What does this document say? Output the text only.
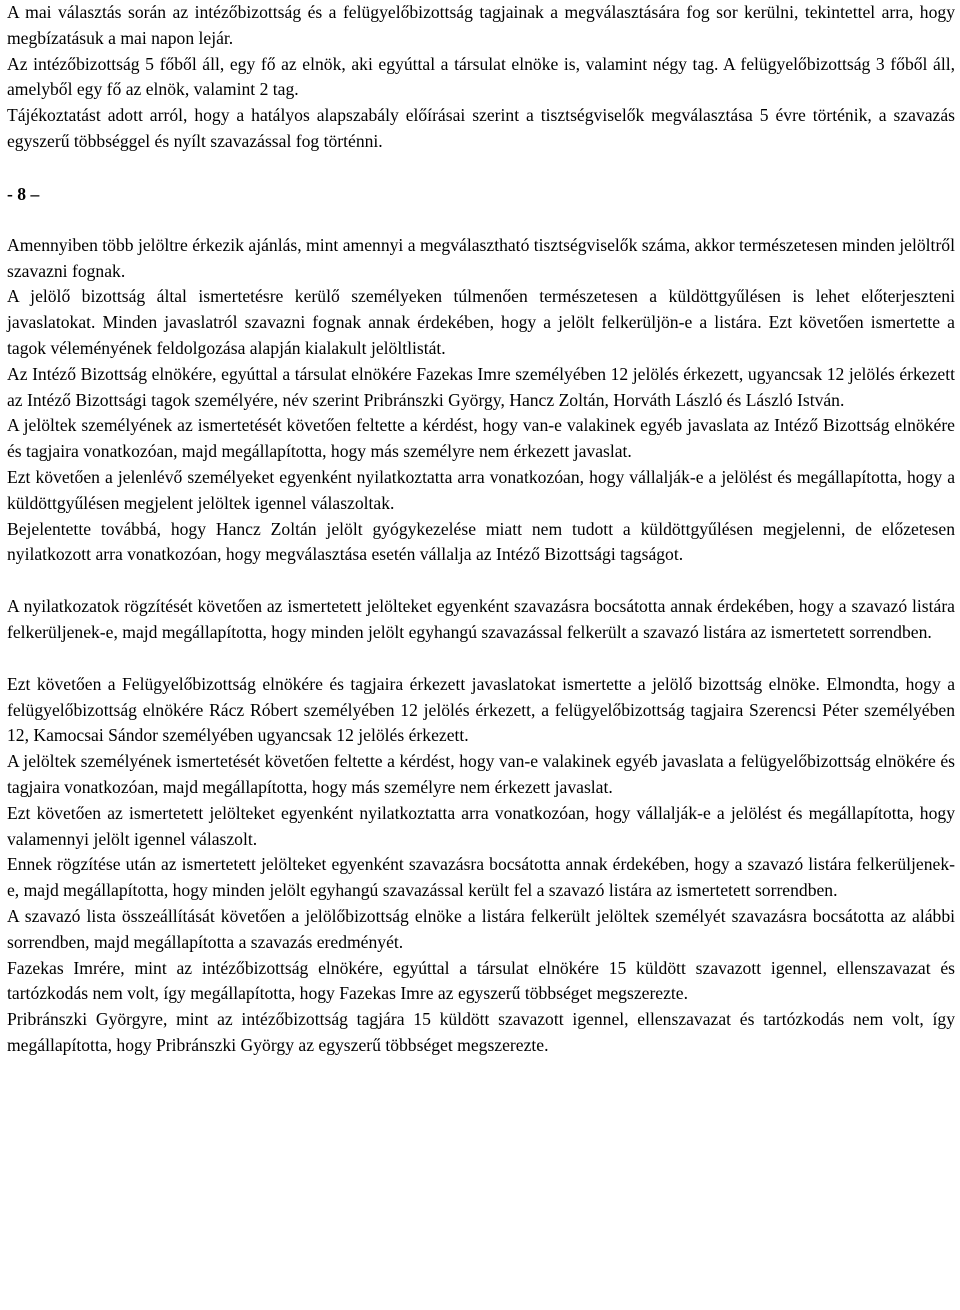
A mai választás során az intézőbizottság és a felügyelőbizottság tagjainak a megválasztására fog sor kerülni, tekintettel arra, hogy megbízatásuk a mai napon lejár.

Az intézőbizottság 5 főből áll, egy fő az elnök, aki egyúttal a társulat elnöke is, valamint négy tag. A felügyelőbizottság 3 főből áll, amelyből egy fő az elnök, valamint 2 tag.

Tájékoztatást adott arról, hogy a hatályos alapszabály előírásai szerint a tisztségviselők megválasztása 5 évre történik, a szavazás egyszerű többséggel és nyílt szavazással fog történni.

- 8 –

Amennyiben több jelöltre érkezik ajánlás, mint amennyi a megválasztható tisztségviselők száma, akkor természetesen minden jelöltről szavazni fognak.

A jelölő bizottság által ismertetésre kerülő személyeken túlmenően természetesen a küldöttgyűlésen is lehet előterjeszteni javaslatokat. Minden javaslatról szavazni fognak annak érdekében, hogy a jelölt felkerüljön-e a listára. Ezt követően ismertette a tagok véleményének feldolgozása alapján kialakult jelöltlistát.

Az Intéző Bizottság elnökére, egyúttal a társulat elnökére Fazekas Imre személyében 12 jelölés érkezett, ugyancsak 12 jelölés érkezett az Intéző Bizottsági tagok személyére, név szerint Pribránszki György, Hancz Zoltán, Horváth László és László István.

A jelöltek személyének az ismertetését követően feltette a kérdést, hogy van-e valakinek egyéb javaslata az Intéző Bizottság elnökére és tagjaira vonatkozóan, majd megállapította, hogy más személyre nem érkezett javaslat.

Ezt követően a jelenlévő személyeket egyenként nyilatkoztatta arra vonatkozóan, hogy vállalják-e a jelölést és megállapította, hogy a küldöttgyűlésen megjelent jelöltek igennel válaszoltak.

Bejelentette továbbá, hogy Hancz Zoltán jelölt gyógykezelése miatt nem tudott a küldöttgyűlésen megjelenni, de előzetesen nyilatkozott arra vonatkozóan, hogy megválasztása esetén vállalja az Intéző Bizottsági tagságot.

A nyilatkozatok rögzítését követően az ismertetett jelölteket egyenként szavazásra bocsátotta annak érdekében, hogy a szavazó listára felkerüljenek-e, majd megállapította, hogy minden jelölt egyhangú szavazással felkerült a szavazó listára az ismertetett sorrendben.

Ezt követően a Felügyelőbizottság elnökére és tagjaira érkezett javaslatokat ismertette a jelölő bizottság elnöke. Elmondta, hogy a felügyelőbizottság elnökére Rácz Róbert személyében 12 jelölés érkezett, a felügyelőbizottság tagjaira Szerencsi Péter személyében 12, Kamocsai Sándor személyében ugyancsak 12 jelölés érkezett.

A jelöltek személyének ismertetését követően feltette a kérdést, hogy van-e valakinek egyéb javaslata a felügyelőbizottság elnökére és tagjaira vonatkozóan, majd megállapította, hogy más személyre nem érkezett javaslat.

Ezt követően az ismertetett jelölteket egyenként nyilatkoztatta arra vonatkozóan, hogy vállalják-e a jelölést és megállapította, hogy valamennyi jelölt igennel válaszolt.

Ennek rögzítése után az ismertetett jelölteket egyenként szavazásra bocsátotta annak érdekében, hogy a szavazó listára felkerüljenek-e, majd megállapította, hogy minden jelölt egyhangú szavazással került fel a szavazó listára az ismertetett sorrendben.

A szavazó lista összeállítását követően a jelölőbizottság elnöke a listára felkerült jelöltek személyét szavazásra bocsátotta az alábbi sorrendben, majd megállapította a szavazás eredményét.

Fazekas Imrére, mint az intézőbizottság elnökére, egyúttal a társulat elnökére 15 küldött szavazott igennel, ellenszavazat és tartózkodás nem volt, így megállapította, hogy Fazekas Imre az egyszerű többséget megszerezte.

Pribránszki Györgyre, mint az intézőbizottság tagjára 15 küldött szavazott igennel, ellenszavazat és tartózkodás nem volt, így megállapította, hogy Pribránszki György az egyszerű többséget megszerezte.
